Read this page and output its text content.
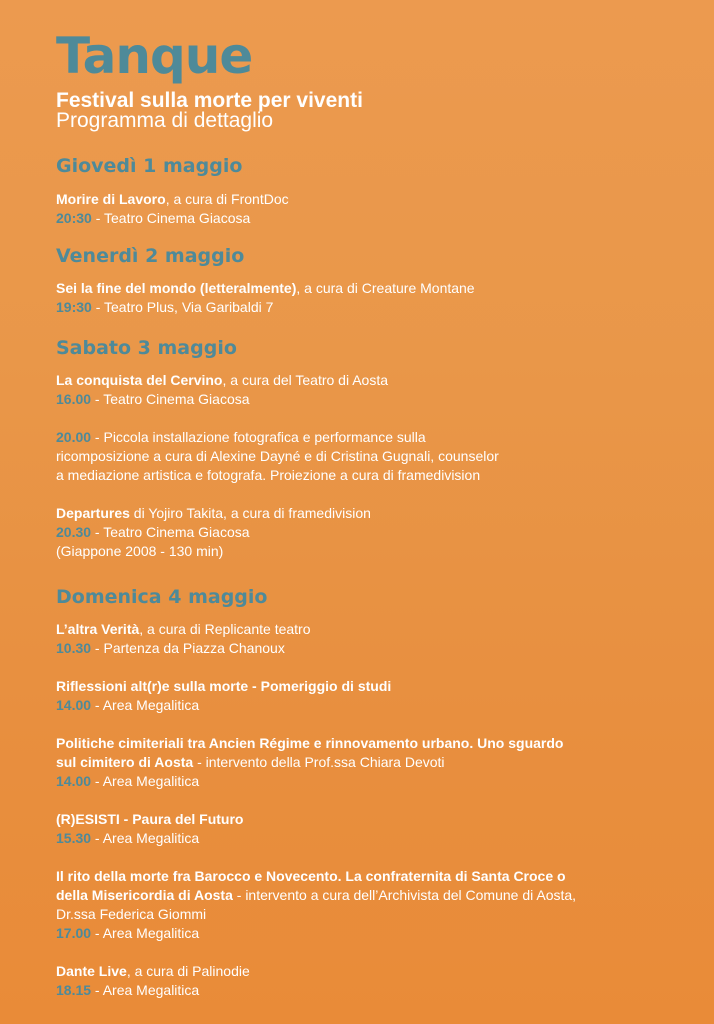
Tanque
Festival sulla morte per viventi
Programma di dettaglio
Giovedì 1 maggio
Morire di Lavoro, a cura di FrontDoc
20:30 - Teatro Cinema Giacosa
Venerdì 2 maggio
Sei la fine del mondo (letteralmente), a cura di Creature Montane
19:30 - Teatro Plus, Via Garibaldi 7
Sabato 3 maggio
La conquista del Cervino, a cura del Teatro di Aosta
16.00 - Teatro Cinema Giacosa
20.00 - Piccola installazione fotografica e performance sulla
ricomposizione a cura di Alexine Dayné e di Cristina Gugnali, counselor
a mediazione artistica e fotografa. Proiezione a cura di framedivision
Departures di Yojiro Takita, a cura di framedivision
20.30 - Teatro Cinema Giacosa
(Giappone 2008 - 130 min)
Domenica 4 maggio
L’altra Verità, a cura di Replicante teatro
10.30 - Partenza da Piazza Chanoux
Riflessioni alt(r)e sulla morte - Pomeriggio di studi
14.00 - Area Megalitica
Politiche cimiteriali tra Ancien Régime e rinnovamento urbano. Uno sguardo
sul cimitero di Aosta - intervento della Prof.ssa Chiara Devoti
14.00 - Area Megalitica
(R)ESISTI - Paura del Futuro
15.30 - Area Megalitica
Il rito della morte fra Barocco e Novecento. La confraternita di Santa Croce o
della Misericordia di Aosta - intervento a cura dell’Archivista del Comune di Aosta,
Dr.ssa Federica Giommi
17.00 - Area Megalitica
Dante Live, a cura di Palinodie
18.15 - Area Megalitica
